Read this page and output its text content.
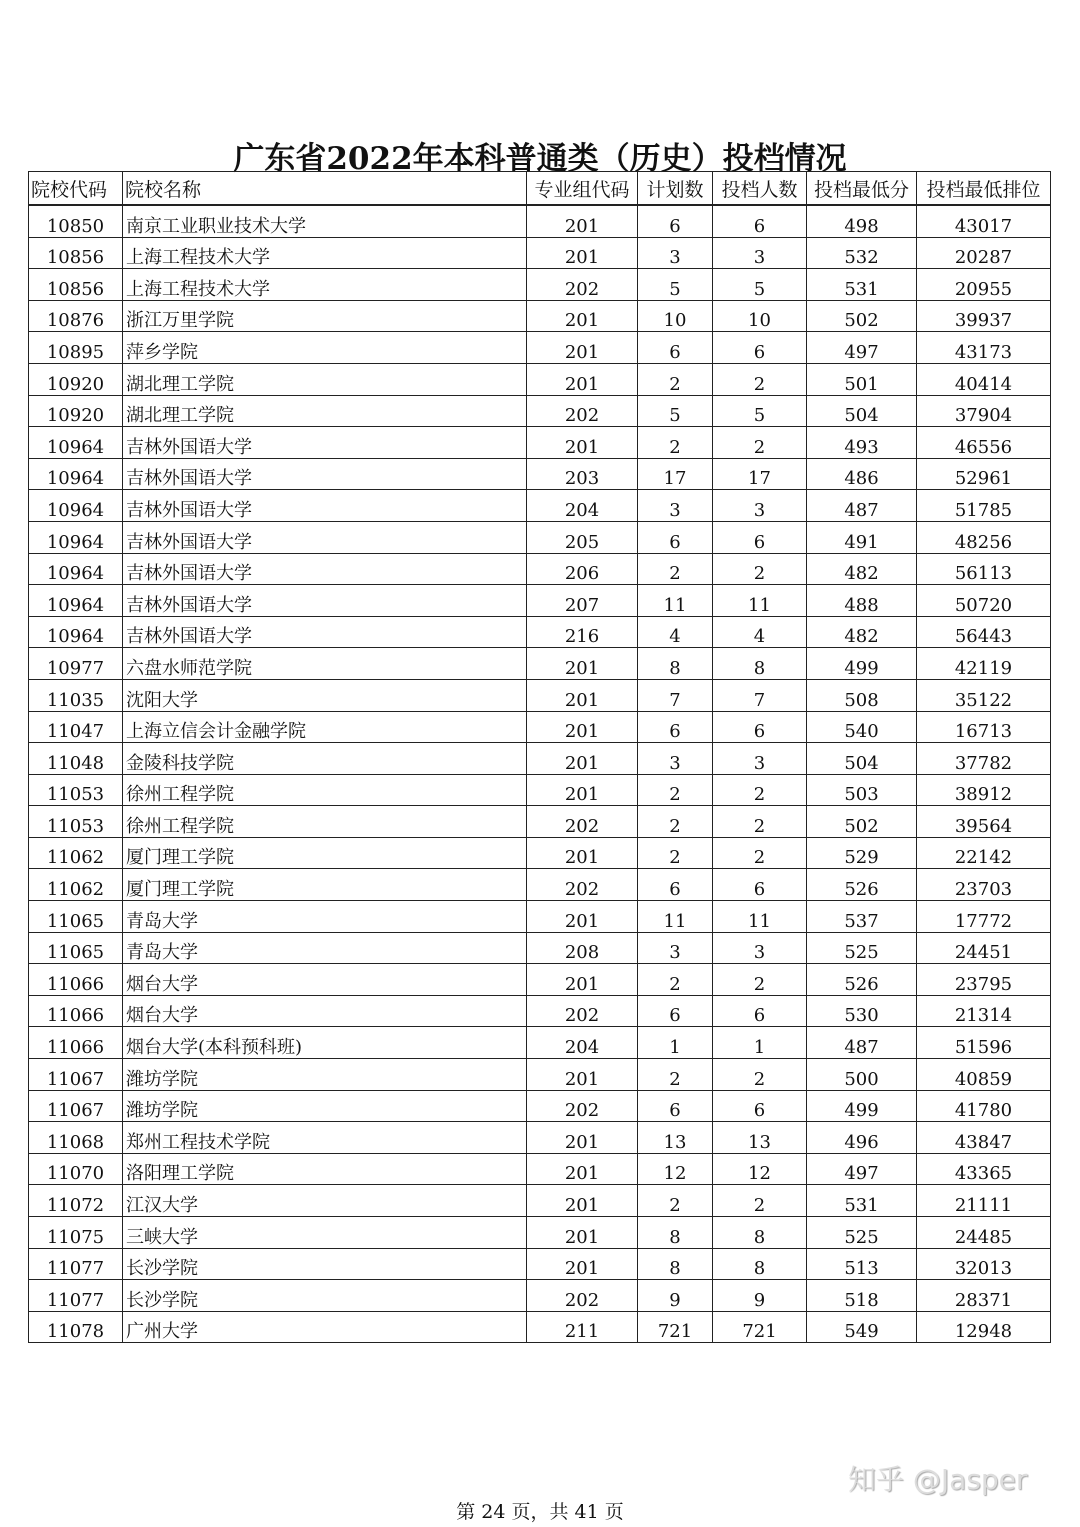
广东省2022年本科普通类（历史）投档情况
院校代码	院校名称	专业组代码	计划数	投档人数	投档最低分	投档最低排位
10850	南京工业职业技术大学	201	6	6	498	43017
10856	上海工程技术大学	201	3	3	532	20287
10856	上海工程技术大学	202	5	5	531	20955
10876	浙江万里学院	201	10	10	502	39937
10895	萍乡学院	201	6	6	497	43173
10920	湖北理工学院	201	2	2	501	40414
10920	湖北理工学院	202	5	5	504	37904
10964	吉林外国语大学	201	2	2	493	46556
10964	吉林外国语大学	203	17	17	486	52961
10964	吉林外国语大学	204	3	3	487	51785
10964	吉林外国语大学	205	6	6	491	48256
10964	吉林外国语大学	206	2	2	482	56113
10964	吉林外国语大学	207	11	11	488	50720
10964	吉林外国语大学	216	4	4	482	56443
10977	六盘水师范学院	201	8	8	499	42119
11035	沈阳大学	201	7	7	508	35122
11047	上海立信会计金融学院	201	6	6	540	16713
11048	金陵科技学院	201	3	3	504	37782
11053	徐州工程学院	201	2	2	503	38912
11053	徐州工程学院	202	2	2	502	39564
11062	厦门理工学院	201	2	2	529	22142
11062	厦门理工学院	202	6	6	526	23703
11065	青岛大学	201	11	11	537	17772
11065	青岛大学	208	3	3	525	24451
11066	烟台大学	201	2	2	526	23795
11066	烟台大学	202	6	6	530	21314
11066	烟台大学(本科预科班)	204	1	1	487	51596
11067	潍坊学院	201	2	2	500	40859
11067	潍坊学院	202	6	6	499	41780
11068	郑州工程技术学院	201	13	13	496	43847
11070	洛阳理工学院	201	12	12	497	43365
11072	江汉大学	201	2	2	531	21111
11075	三峡大学	201	8	8	525	24485
11077	长沙学院	201	8	8	513	32013
11077	长沙学院	202	9	9	518	28371
11078	广州大学	211	721	721	549	12948
第 24 页，共 41 页
知乎 @Jasper
